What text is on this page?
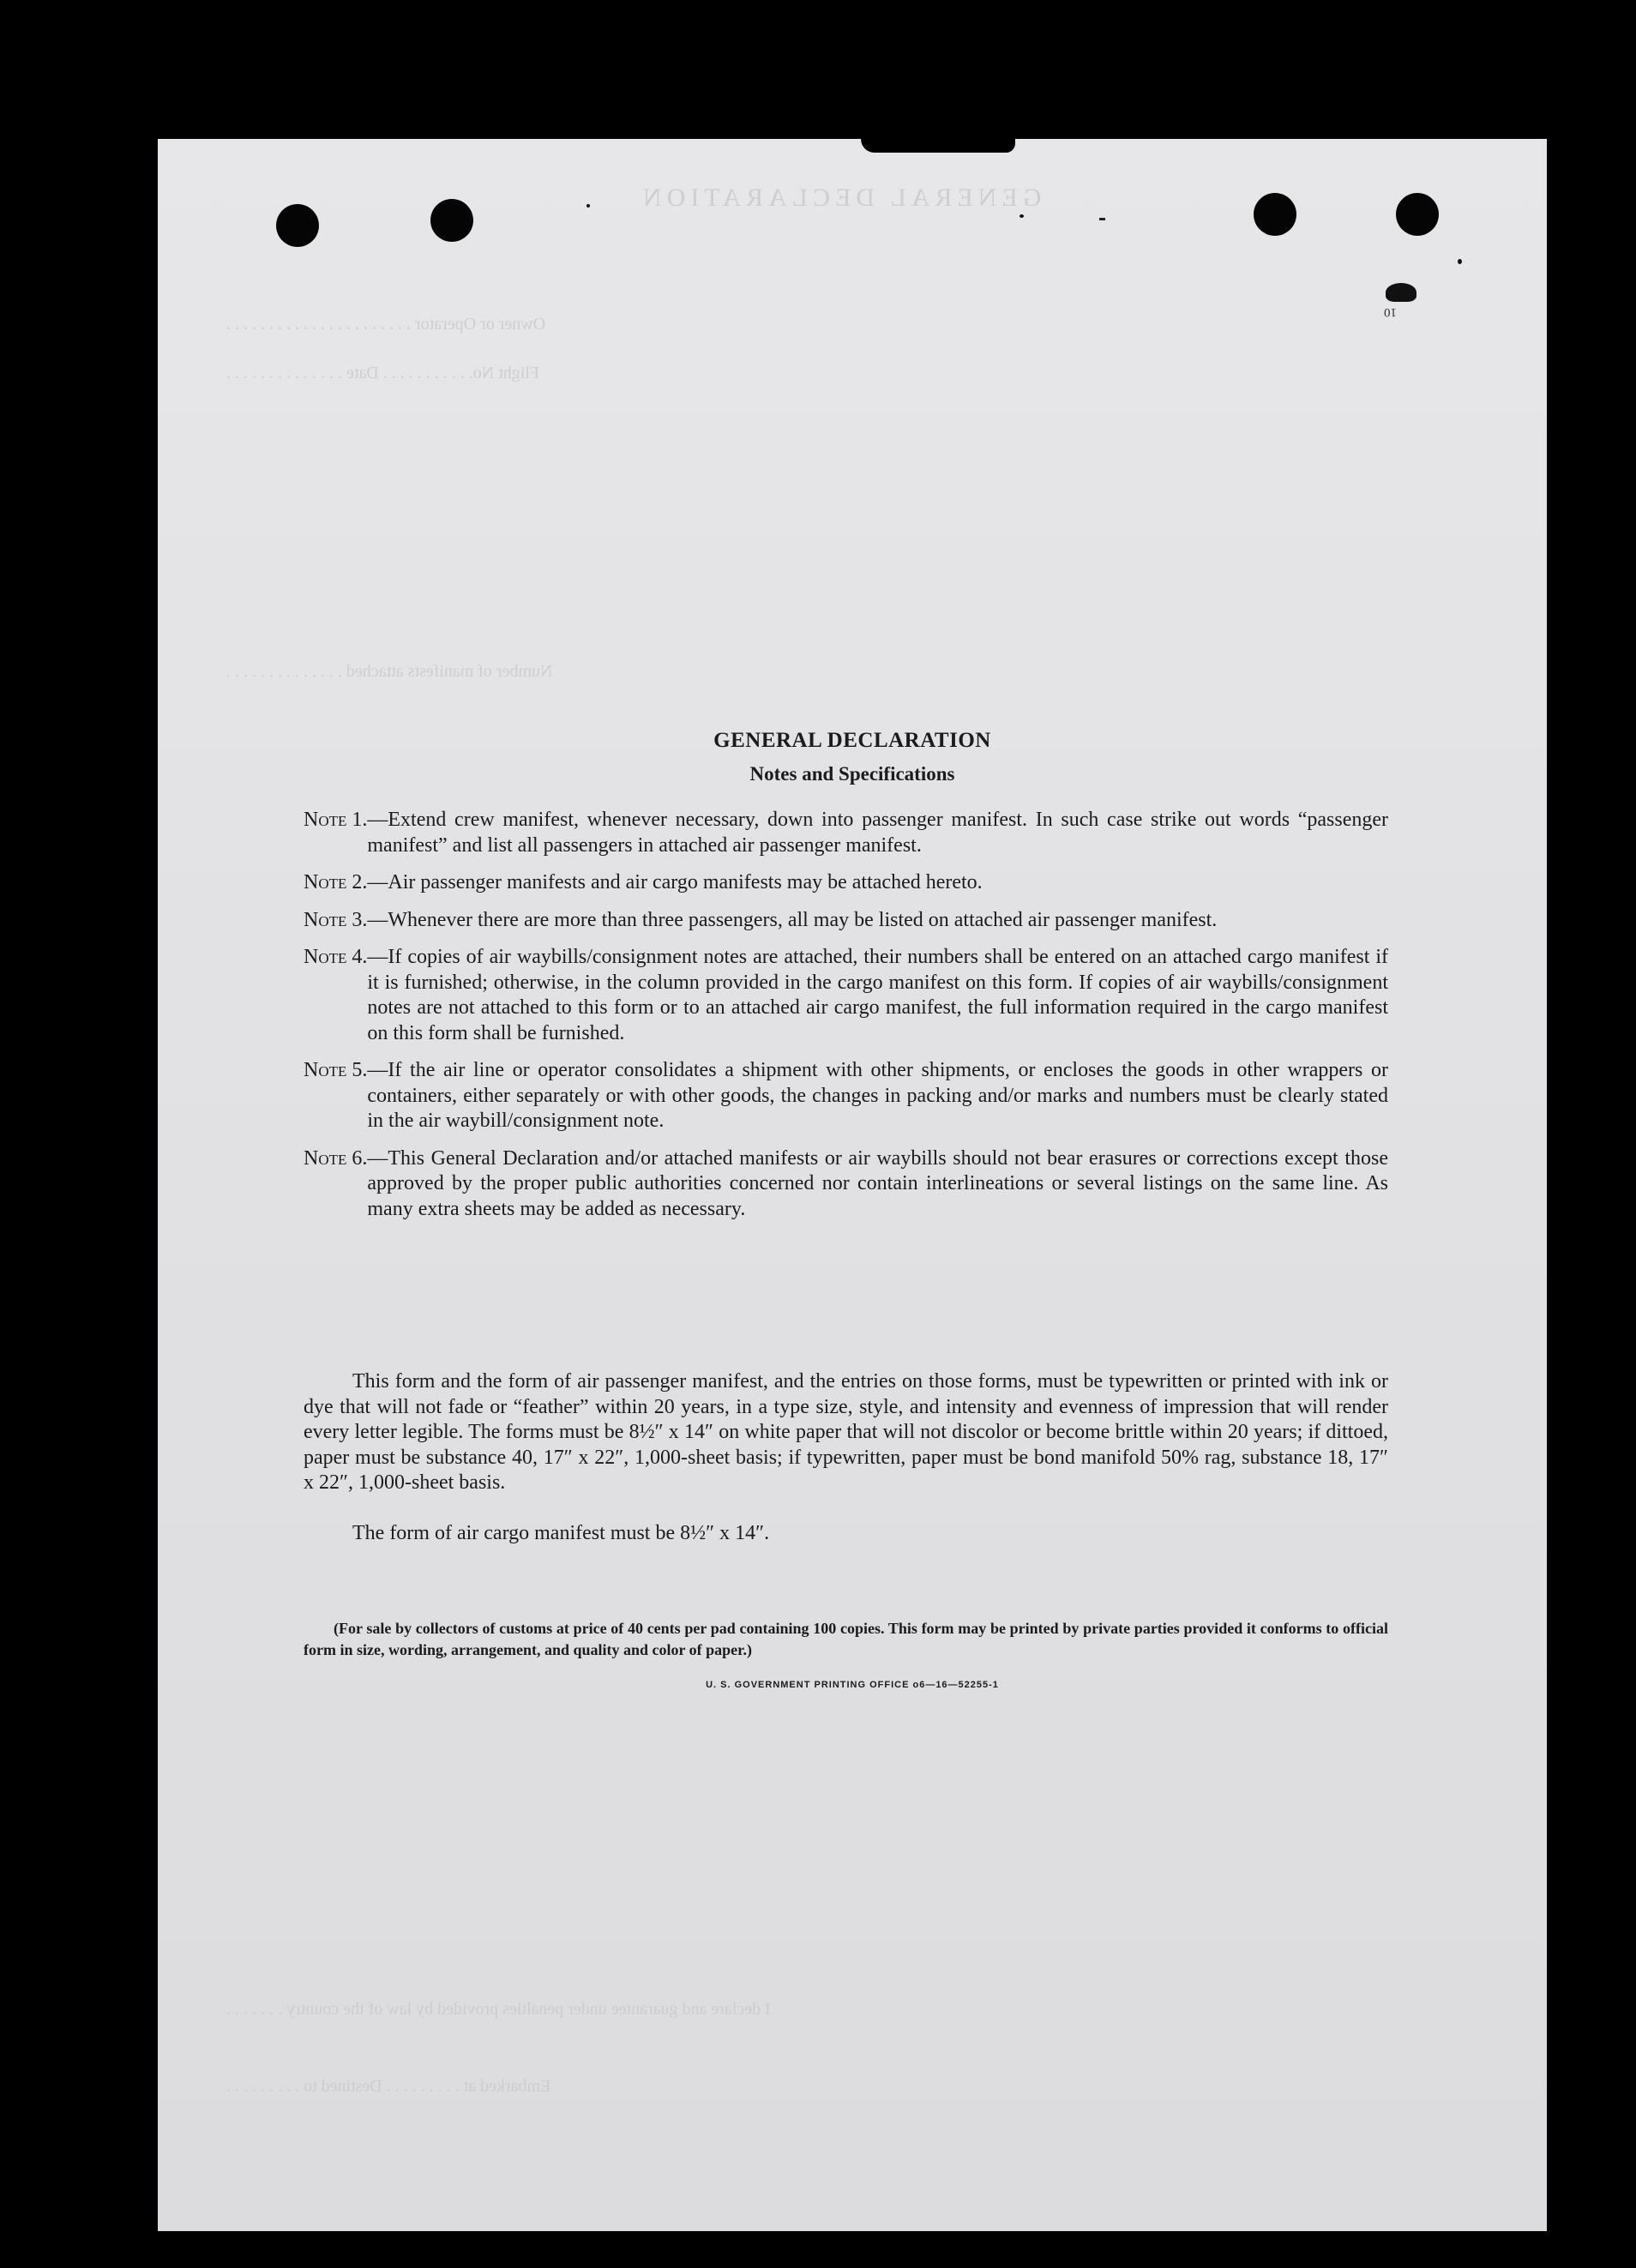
GENERAL DECLARATION
Owner or Operator . . . . . . . . . . . . . . . . . . . . . .
Flight No. . . . . . . . . . . Date . . . . . . . . . . . . . .
Number of manifests attached . . . . . . . . . . . . . .
I declare and guarantee under penalties provided by law of the country . . . . . . .
Embarked at . . . . . . . . . Destined to . . . . . . . . .
10
GENERAL DECLARATION
Notes and Specifications
Note 1. —Extend crew manifest, whenever necessary, down into passenger manifest. In such case strike out words “passenger manifest” and list all passengers in attached air passenger manifest.
Note 2. —Air passenger manifests and air cargo manifests may be attached hereto.
Note 3. —Whenever there are more than three passengers, all may be listed on attached air passenger manifest.
Note 4. —If copies of air waybills/consignment notes are attached, their numbers shall be entered on an attached cargo manifest if it is furnished; otherwise, in the column provided in the cargo manifest on this form. If copies of air waybills/consignment notes are not attached to this form or to an attached air cargo manifest, the full information required in the cargo manifest on this form shall be furnished.
Note 5. —If the air line or operator consolidates a shipment with other shipments, or encloses the goods in other wrappers or containers, either separately or with other goods, the changes in packing and/or marks and numbers must be clearly stated in the air waybill/consignment note.
Note 6. —This General Declaration and/or attached manifests or air waybills should not bear erasures or corrections except those approved by the proper public authorities concerned nor contain interlineations or several listings on the same line. As many extra sheets may be added as necessary.
This form and the form of air passenger manifest, and the entries on those forms, must be typewritten or printed with ink or dye that will not fade or “feather” within 20 years, in a type size, style, and intensity and evenness of impression that will render every letter legible. The forms must be 8½″ x 14″ on white paper that will not discolor or become brittle within 20 years; if dittoed, paper must be substance 40, 17″ x 22″, 1,000-sheet basis; if typewritten, paper must be bond manifold 50% rag, substance 18, 17″ x 22″, 1,000-sheet basis.
The form of air cargo manifest must be 8½″ x 14″.
(For sale by collectors of customs at price of 40 cents per pad containing 100 copies. This form may be printed by private parties provided it conforms to official form in size, wording, arrangement, and quality and color of paper.)
U. S. GOVERNMENT PRINTING OFFICE o6—16—52255-1
